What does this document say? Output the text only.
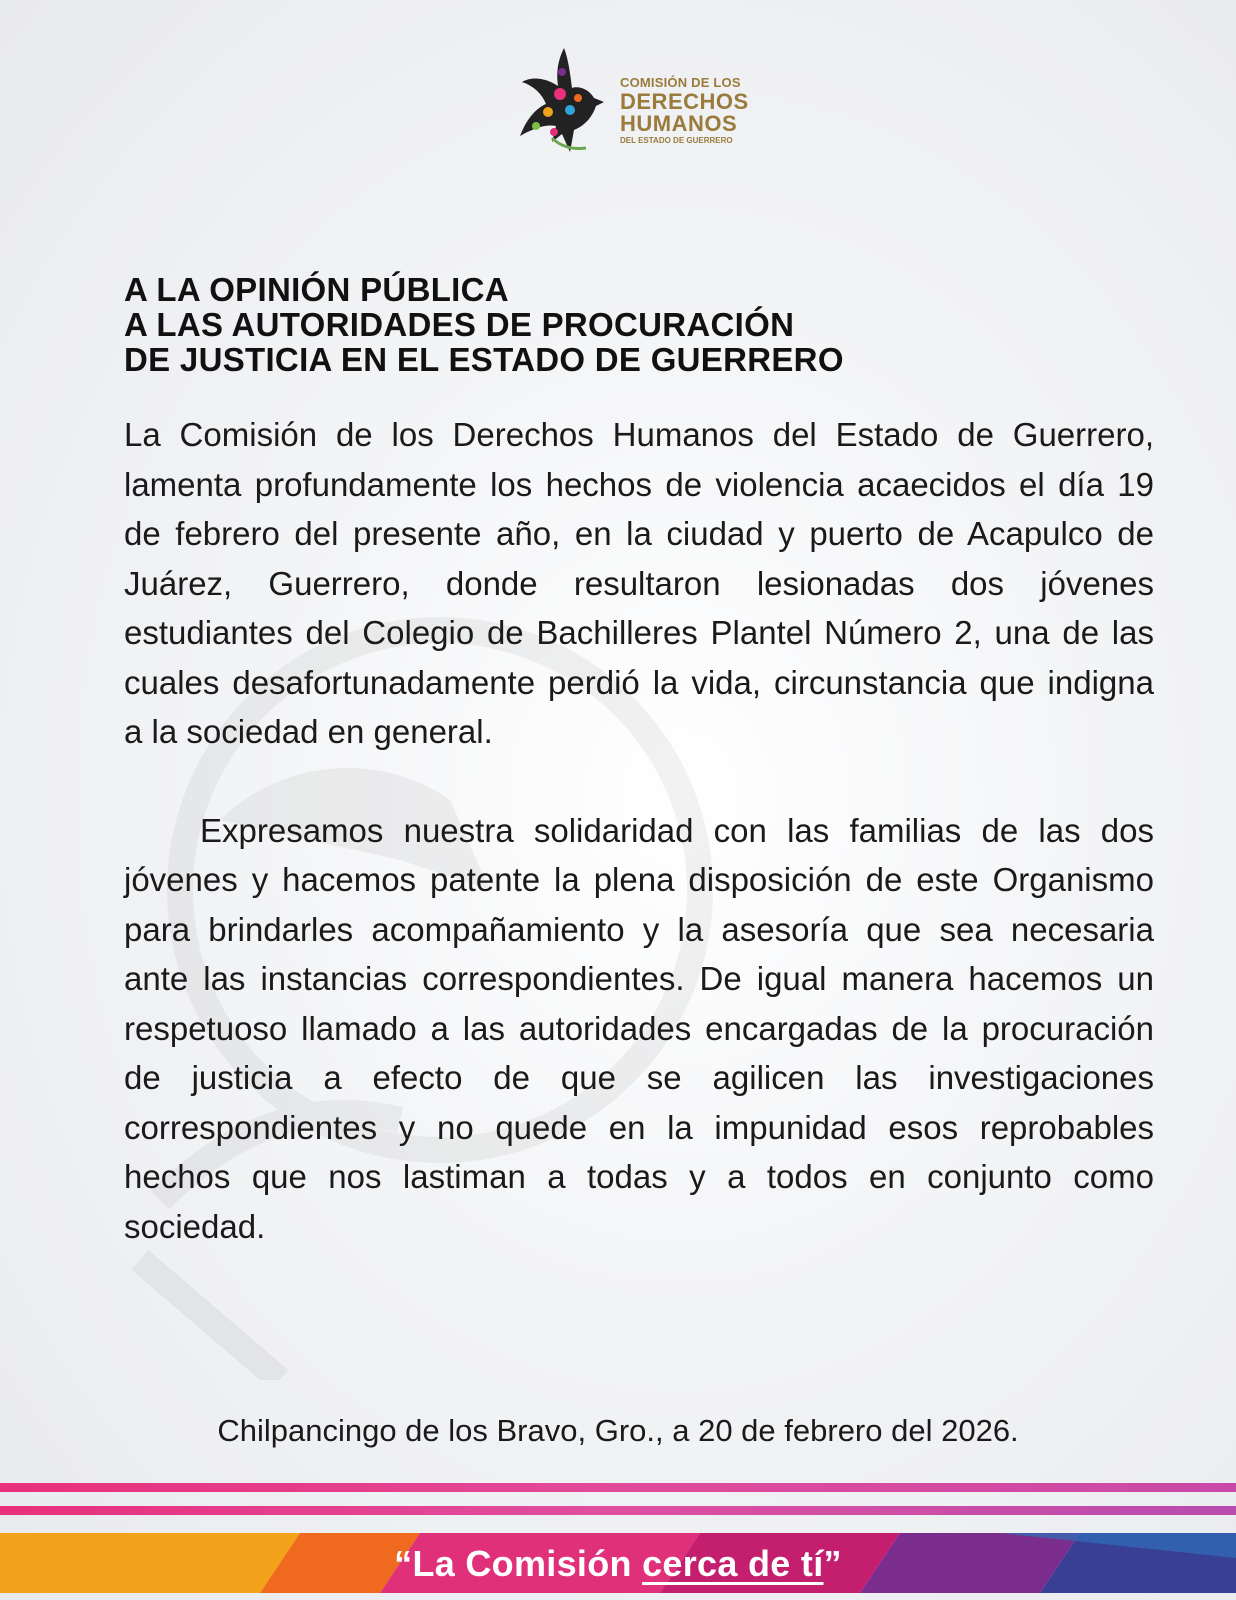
COMISIÓN DE LOS
DERECHOS
HUMANOS
DEL ESTADO DE GUERRERO
A LA OPINIÓN PÚBLICA
A LAS AUTORIDADES DE PROCURACIÓN
DE JUSTICIA EN EL ESTADO DE GUERRERO

La Comisión de los Derechos Humanos del Estado de Guerrero, lamenta profundamente los hechos de violencia acaecidos el día 19 de febrero del presente año, en la ciudad y puerto de Acapulco de Juárez, Guerrero, donde resultaron lesionadas dos jóvenes estudiantes del Colegio de Bachilleres Plantel Número 2, una de las cuales desafortunadamente perdió la vida, circunstancia que indigna a la sociedad en general.

Expresamos nuestra solidaridad con las familias de las dos jóvenes y hacemos patente la plena disposición de este Organismo para brindarles acompañamiento y la asesoría que sea necesaria ante las instancias correspondientes. De igual manera hacemos un respetuoso llamado a las autoridades encargadas de la procuración de justicia a efecto de que se agilicen las investigaciones correspondientes y no quede en la impunidad esos reprobables hechos que nos lastiman a todas y a todos en conjunto como sociedad.

Chilpancingo de los Bravo, Gro., a 20 de febrero del 2026.
“La Comisión cerca de tí”
